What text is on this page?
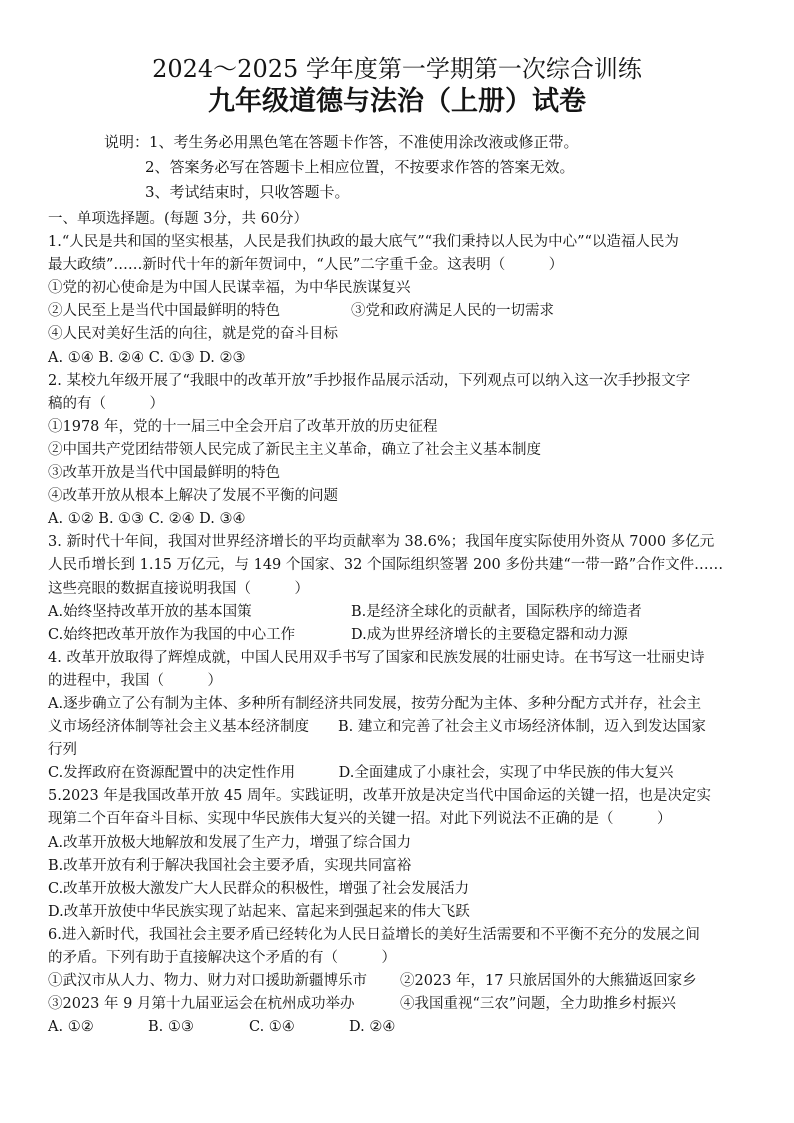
2024～2025 学年度第一学期第一次综合训练
九年级道德与法治（上册）试卷
说明：1、考生务必用黑色笔在答题卡作答，不准使用涂改液或修正带。
2、答案务必写在答题卡上相应位置，不按要求作答的答案无效。
3、考试结束时，只收答题卡。
一、单项选择题。(每题 3分，共 60分）
1.“人民是共和国的坚实根基，人民是我们执政的最大底气”“我们秉持以人民为中心”“以造福人民为
最大政绩”……新时代十年的新年贺词中，“人民”二字重千金。这表明（　　　）
①党的初心使命是为中国人民谋幸福，为中华民族谋复兴
②人民至上是当代中国最鲜明的特色	③党和政府满足人民的一切需求
④人民对美好生活的向往，就是党的奋斗目标
A. ①④ B. ②④ C. ①③ D. ②③
2. 某校九年级开展了“我眼中的改革开放”手抄报作品展示活动，下列观点可以纳入这一次手抄报文字
稿的有（　　　）
①1978 年，党的十一届三中全会开启了改革开放的历史征程
②中国共产党团结带领人民完成了新民主主义革命，确立了社会主义基本制度
③改革开放是当代中国最鲜明的特色
④改革开放从根本上解决了发展不平衡的问题
A. ①② B. ①③ C. ②④ D. ③④
3. 新时代十年间，我国对世界经济增长的平均贡献率为 38.6%；我国年度实际使用外资从 7000 多亿元
人民币增长到 1.15 万亿元，与 149 个国家、32 个国际组织签署 200 多份共建“一带一路”合作文件……
这些亮眼的数据直接说明我国（　　　）
A.始终坚持改革开放的基本国策	B.是经济全球化的贡献者，国际秩序的缔造者
C.始终把改革开放作为我国的中心工作	D.成为世界经济增长的主要稳定器和动力源
4. 改革开放取得了辉煌成就，中国人民用双手书写了国家和民族发展的壮丽史诗。在书写这一壮丽史诗
的进程中，我国（　　　）
A.逐步确立了公有制为主体、多种所有制经济共同发展，按劳分配为主体、多种分配方式并存，社会主
义市场经济体制等社会主义基本经济制度　　B. 建立和完善了社会主义市场经济体制，迈入到发达国家
行列
C.发挥政府在资源配置中的决定性作用　　　D.全面建成了小康社会，实现了中华民族的伟大复兴
5.2023 年是我国改革开放 45 周年。实践证明，改革开放是决定当代中国命运的关键一招，也是决定实
现第二个百年奋斗目标、实现中华民族伟大复兴的关键一招。对此下列说法不正确的是（　　　）
A.改革开放极大地解放和发展了生产力，增强了综合国力
B.改革开放有利于解决我国社会主要矛盾，实现共同富裕
C.改革开放极大激发广大人民群众的积极性，增强了社会发展活力
D.改革开放使中华民族实现了站起来、富起来到强起来的伟大飞跃
6.进入新时代，我国社会主要矛盾已经转化为人民日益增长的美好生活需要和不平衡不充分的发展之间
的矛盾。下列有助于直接解决这个矛盾的有（　　　）
①武汉市从人力、物力、财力对口援助新疆博乐市	②2023 年，17 只旅居国外的大熊猫返回家乡
③2023 年 9 月第十九届亚运会在杭州成功举办	④我国重视“三农”问题，全力助推乡村振兴
A. ①②	B. ①③	C. ①④	D. ②④
